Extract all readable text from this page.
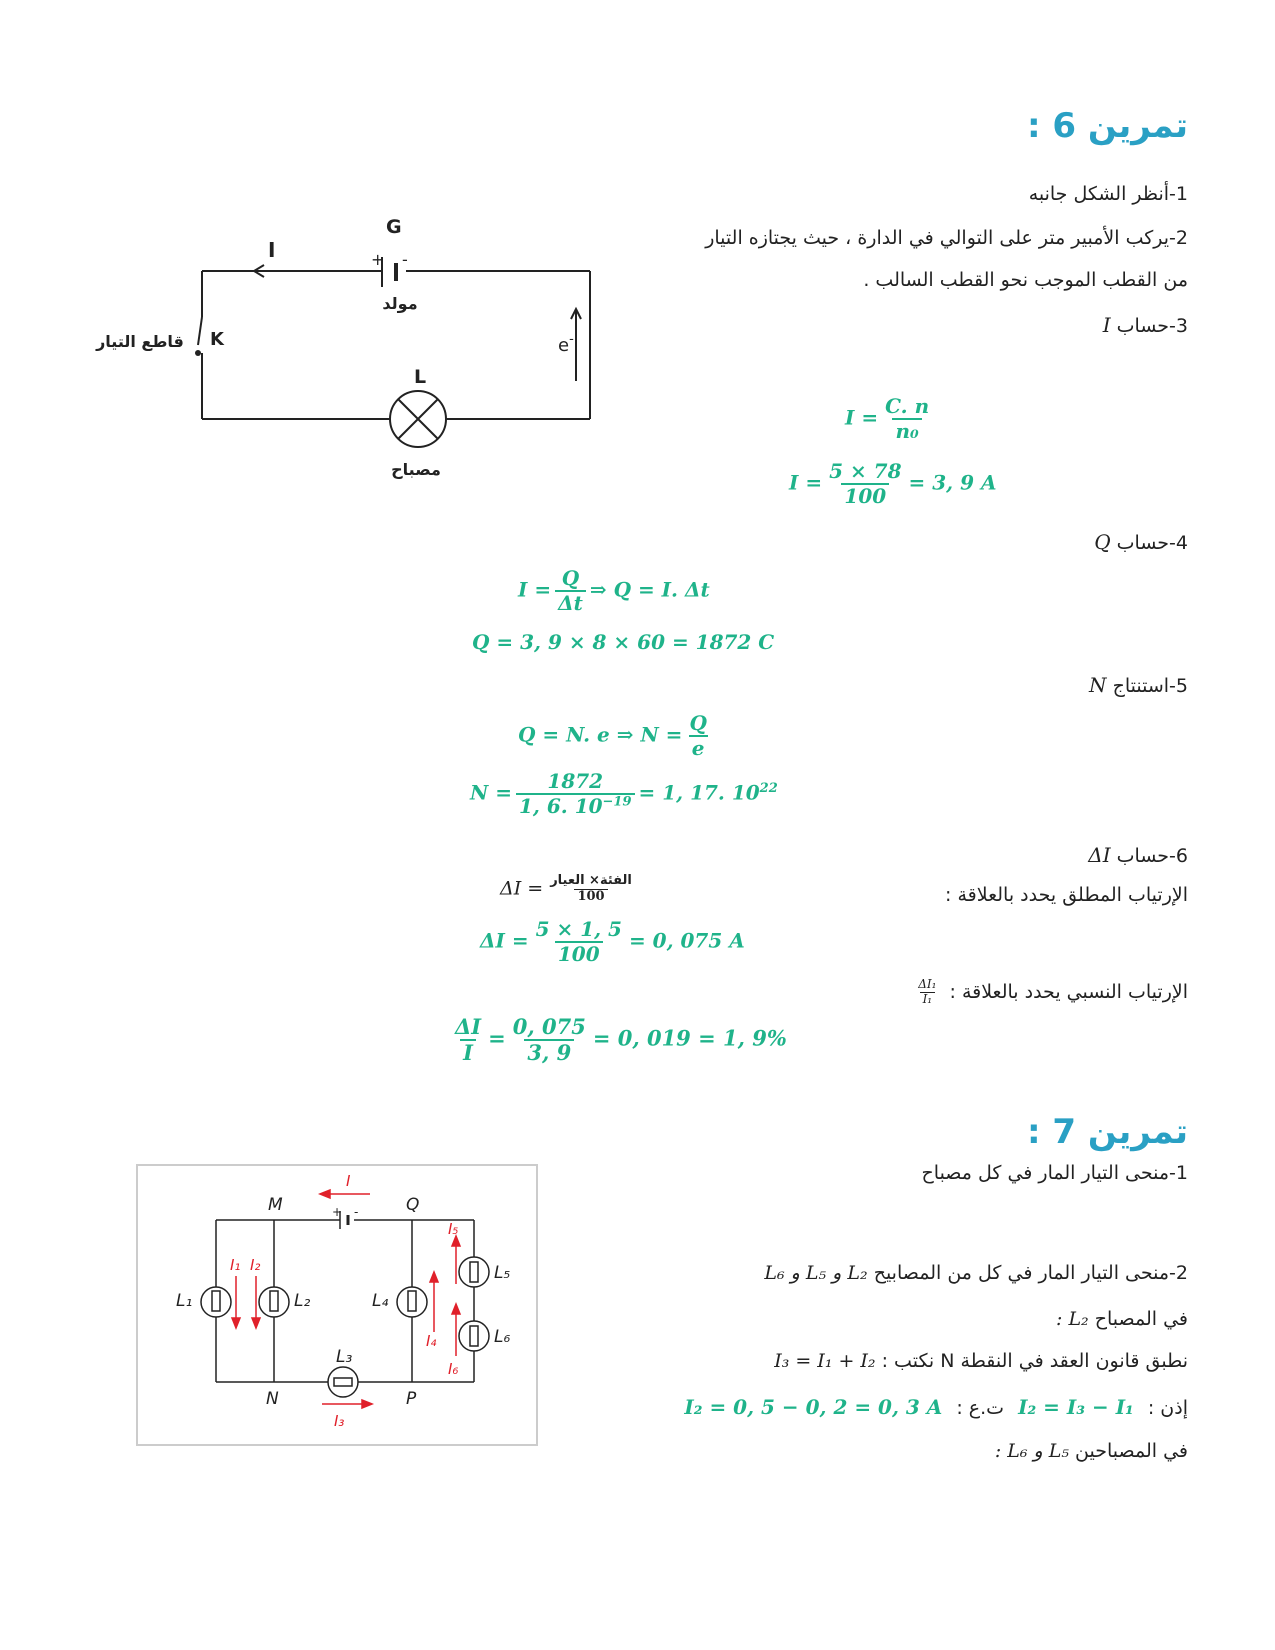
تمرين 6 :
1-أنظر الشكل جانبه
2-يركب الأمبير متر على التوالي في الدارة ، حيث يجتازه التيار
من القطب الموجب نحو القطب السالب .
3-حساب I
I
G
+ -
مولد
K
قاطع التيار	e-
L
مصباح
$I = \frac{C. n}{\text{n₀}}$
$I = \frac{5 \times 78}{100} = 3$, 9 A
4-حساب Q
$I = \frac{Q}{\Delta t}$ ⇒ Q = I. Δt
Q = 3, 9 × 8 × 60 = 1872 C
5-استنتاج N
Q = N. e ⇒ $N = \frac{Q}{e}$
$N = \frac{1872}{1, 6. 10^{-19}} = 1$, 17. $10^{22}$
6-حساب ΔI
الإرتياب المطلق يحدد بالعلاقة :
$\Delta I = \frac{\text{الفئة× العيار}}{100}$
$\Delta I = \frac{5 \times 1, 5}{100} = 0$, 075 A
الإرتياب النسبي يحدد بالعلاقة :
$\frac{\text{ΔI₁}}{\text{I₁}}$
$\frac{\Delta I}{I} = \frac{0, 075}{3, 9} = 0$, 019 = 1, 9%
تمرين 7 :
1-منحى التيار المار في كل مصباح
2-منحى التيار المار في كل من المصابيح L₂ و L₅ و L₆
في المصباح L₂ :
نطبق قانون العقد في النقطة N نكتب : I₃ = I₁ + I₂
إذن : I₂ = I₃ − I₁ ت.ع : I₂ = 0, 5 − 0, 2 = 0, 3 A
في المصباحين L₅ و L₆ :
M	Q
N	P
L₁	L₂
L₃
L₄
L₅
L₆
I
I₁ I₂
I₃
I₄
I₅
I₆
+ -
